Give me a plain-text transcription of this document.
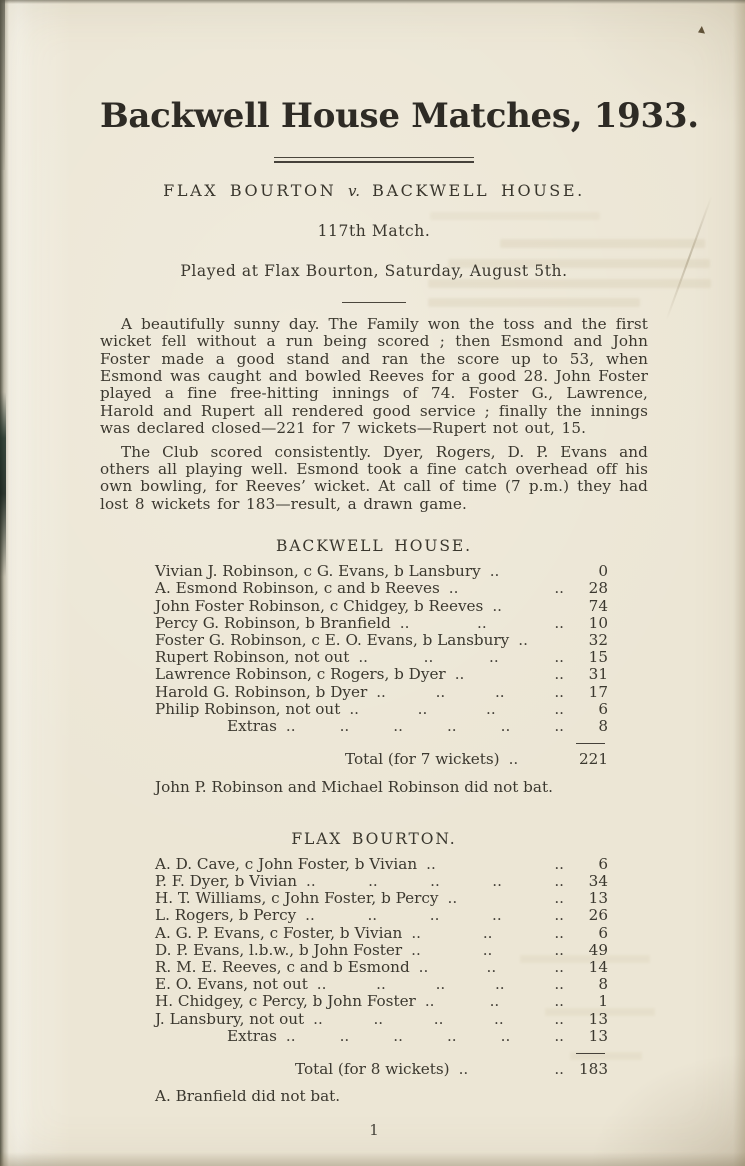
Backwell House Matches, 1933.
FLAX BOURTON v. BACKWELL HOUSE.
117th Match.
Played at Flax Bourton, Saturday, August 5th.

A beautifully sunny day. The Family won the toss and the first wicket fell without a run being scored ; then Esmond and John Foster made a good stand and ran the score up to 53, when Esmond was caught and bowled Reeves for a good 28. John Foster played a fine free-hitting innings of 74. Foster G., Lawrence, Harold and Rupert all rendered good service ; finally the innings was declared closed—221 for 7 wickets—Rupert not out, 15.

The Club scored consistently. Dyer, Rogers, D. P. Evans and others all playing well. Esmond took a fine catch overhead off his own bowling, for Reeves’ wicket. At call of time (7 p.m.) they had lost 8 wickets for 183—result, a drawn game.

BACKWELL HOUSE.
Vivian J. Robinson, c G. Evans, b Lansbury ..	0
A. Esmond Robinson, c and b Reeves .. ..	28
John Foster Robinson, c Chidgey, b Reeves ..	74
Percy G. Robinson, b Branfield .. .. ..	10
Foster G. Robinson, c E. O. Evans, b Lansbury ..	32
Rupert Robinson, not out .. .. .. ..	15
Lawrence Robinson, c Rogers, b Dyer .. ..	31
Harold G. Robinson, b Dyer .. .. .. ..	17
Philip Robinson, not out .. .. .. ..	6
Extras .. .. .. .. .. ..	8
Total (for 7 wickets) ..	221
John P. Robinson and Michael Robinson did not bat.
FLAX BOURTON.
A. D. Cave, c John Foster, b Vivian .. ..	6
P. F. Dyer, b Vivian .. .. .. .. ..	34
H. T. Williams, c John Foster, b Percy .. ..	13
L. Rogers, b Percy .. .. .. .. ..	26
A. G. P. Evans, c Foster, b Vivian .. .. ..	6
D. P. Evans, l.b.w., b John Foster .. .. ..	49
R. M. E. Reeves, c and b Esmond .. .. ..	14
E. O. Evans, not out .. .. .. .. ..	8
H. Chidgey, c Percy, b John Foster .. .. ..	1
J. Lansbury, not out .. .. .. .. ..	13
Extras .. .. .. .. .. ..	13
Total (for 8 wickets) .. .. 183
A. Branfield did not bat.
1
